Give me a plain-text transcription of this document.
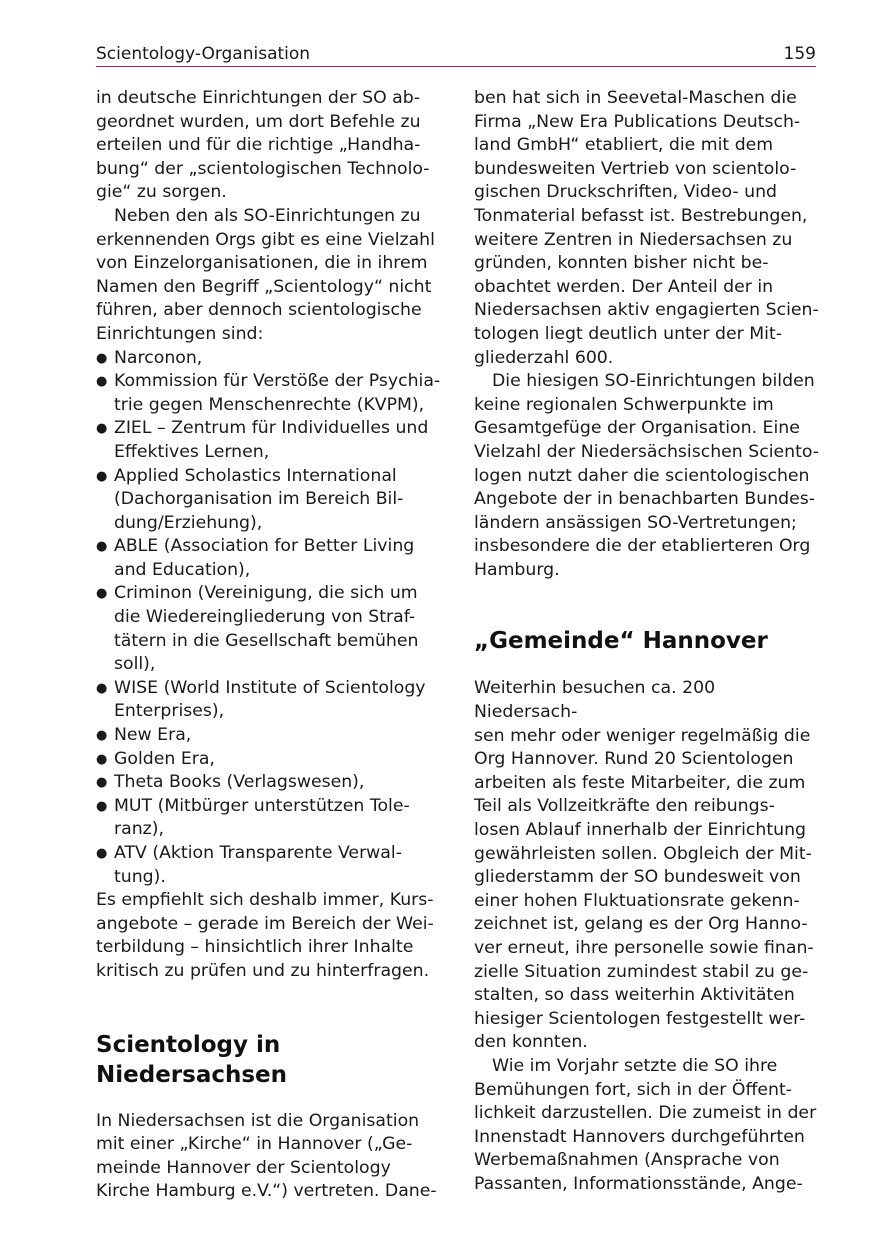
Scientology-Organisation	159

in deutsche Einrichtungen der SO ab-
geordnet wurden, um dort Befehle zu
erteilen und für die richtige „Handha-
bung“ der „scientologischen Technolo-
gie“ zu sorgen.

Neben den als SO-Einrichtungen zu
erkennenden Orgs gibt es eine Vielzahl
von Einzelorganisationen, die in ihrem
Namen den Begriff „Scientology“ nicht
führen, aber dennoch scientologische
Einrichtungen sind:

● Narconon,
● Kommission für Verstöße der Psychia-
trie gegen Menschenrechte (KVPM),
● ZIEL – Zentrum für Individuelles und
Effektives Lernen,
● Applied Scholastics International
(Dachorganisation im Bereich Bil-
dung/Erziehung),
● ABLE (Association for Better Living
and Education),
● Criminon (Vereinigung, die sich um
die Wiedereingliederung von Straf-
tätern in die Gesellschaft bemühen
soll),
● WISE (World Institute of Scientology
Enterprises),
● New Era,
● Golden Era,
● Theta Books (Verlagswesen),
● MUT (Mitbürger unterstützen Tole-
ranz),
● ATV (Aktion Transparente Verwal-
tung).

Es empfiehlt sich deshalb immer, Kurs-
angebote – gerade im Bereich der Wei-
terbildung – hinsichtlich ihrer Inhalte
kritisch zu prüfen und zu hinterfragen.

Scientology in Niedersachsen

In Niedersachsen ist die Organisation
mit einer „Kirche“ in Hannover („Ge-
meinde Hannover der Scientology
Kirche Hamburg e.V.“) vertreten. Dane-

ben hat sich in Seevetal-Maschen die
Firma „New Era Publications Deutsch-
land GmbH“ etabliert, die mit dem
bundesweiten Vertrieb von scientolo-
gischen Druckschriften, Video- und
Tonmaterial befasst ist. Bestrebungen,
weitere Zentren in Niedersachsen zu
gründen, konnten bisher nicht be-
obachtet werden. Der Anteil der in
Niedersachsen aktiv engagierten Scien-
tologen liegt deutlich unter der Mit-
gliederzahl 600.

Die hiesigen SO-Einrichtungen bilden
keine regionalen Schwerpunkte im
Gesamtgefüge der Organisation. Eine
Vielzahl der Niedersächsischen Sciento-
logen nutzt daher die scientologischen
Angebote der in benachbarten Bundes-
ländern ansässigen SO-Vertretungen;
insbesondere die der etablierteren Org
Hamburg.

„Gemeinde“ Hannover

Weiterhin besuchen ca. 200 Niedersach-
sen mehr oder weniger regelmäßig die
Org Hannover. Rund 20 Scientologen
arbeiten als feste Mitarbeiter, die zum
Teil als Vollzeitkräfte den reibungs-
losen Ablauf innerhalb der Einrichtung
gewährleisten sollen. Obgleich der Mit-
gliederstamm der SO bundesweit von
einer hohen Fluktuationsrate gekenn-
zeichnet ist, gelang es der Org Hanno-
ver erneut, ihre personelle sowie finan-
zielle Situation zumindest stabil zu ge-
stalten, so dass weiterhin Aktivitäten
hiesiger Scientologen festgestellt wer-
den konnten.

Wie im Vorjahr setzte die SO ihre
Bemühungen fort, sich in der Öffent-
lichkeit darzustellen. Die zumeist in der
Innenstadt Hannovers durchgeführten
Werbemaßnahmen (Ansprache von
Passanten, Informationsstände, Ange-
